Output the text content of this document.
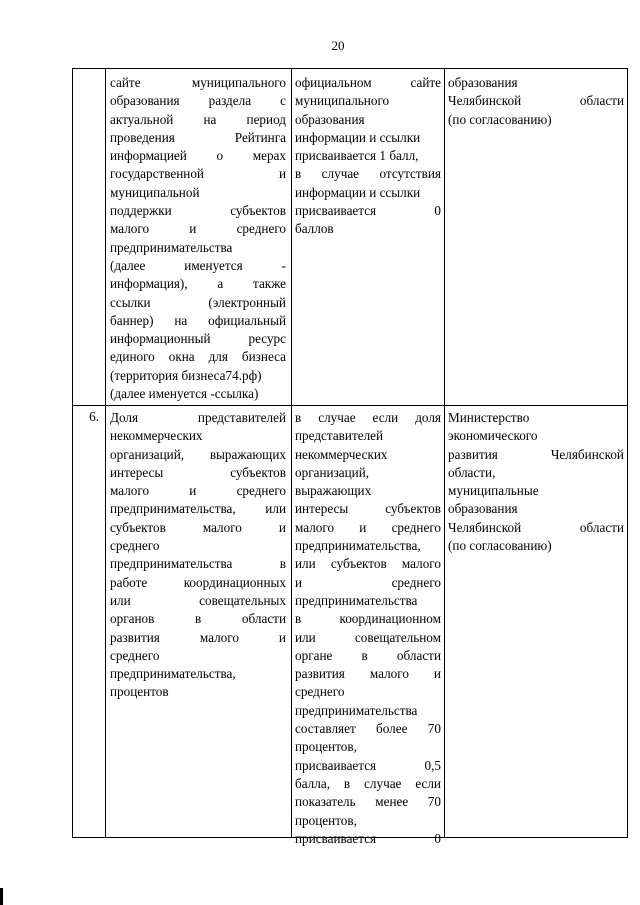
20
сайте муниципального
образования раздела с
актуальной на период
проведения Рейтинга
информацией о мерах
государственной и
муниципальной
поддержки субъектов
малого и среднего
предпринимательства
(далее именуется -
информация), а также
ссылки (электронный
баннер) на официальный
информационный ресурс
единого окна для бизнеса
(территория бизнеса74.рф)
(далее именуется -ссылка)
официальном сайте
муниципального
образования
информации и ссылки
присваивается 1 балл,
в случае отсутствия
информации и ссылки
присваивается 0
баллов
образования
Челябинской области
(по согласованию)
6. Доля представителей
некоммерческих
организаций, выражающих
интересы субъектов
малого и среднего
предпринимательства, или
субъектов малого и
среднего
предпринимательства в
работе координационных
или совещательных
органов в области
развития малого и
среднего
предпринимательства,
процентов
в случае если доля
представителей
некоммерческих
организаций,
выражающих
интересы субъектов
малого и среднего
предпринимательства,
или субъектов малого
и среднего
предпринимательства
в координационном
или совещательном
органе в области
развития малого и
среднего
предпринимательства
составляет более 70
процентов,
присваивается 0,5
балла, в случае если
показатель менее 70
процентов,
присваивается 0
Министерство
экономического
развития Челябинской
области,
муниципальные
образования
Челябинской области
(по согласованию)
